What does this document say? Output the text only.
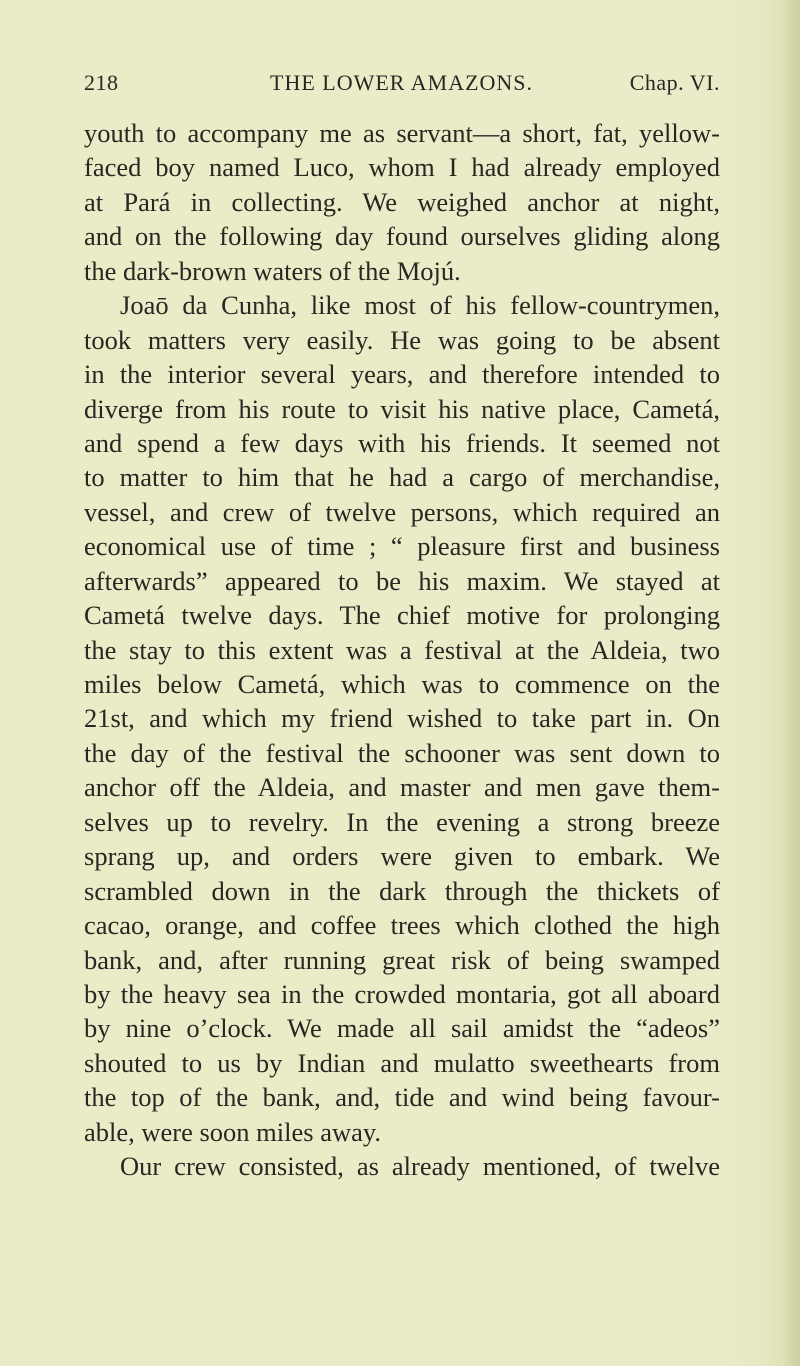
218	THE LOWER AMAZONS.	Chap. VI.
youth to accompany me as servant—a short, fat, yellow-
faced boy named Luco, whom I had already employed
at Pará in collecting. We weighed anchor at night,
and on the following day found ourselves gliding along
the dark-brown waters of the Mojú.
Joaō da Cunha, like most of his fellow-countrymen,
took matters very easily. He was going to be absent
in the interior several years, and therefore intended to
diverge from his route to visit his native place, Cametá,
and spend a few days with his friends. It seemed not
to matter to him that he had a cargo of merchandise,
vessel, and crew of twelve persons, which required an
economical use of time ; “ pleasure first and business
afterwards” appeared to be his maxim. We stayed at
Cametá twelve days. The chief motive for prolonging
the stay to this extent was a festival at the Aldeia, two
miles below Cametá, which was to commence on the
21st, and which my friend wished to take part in. On
the day of the festival the schooner was sent down to
anchor off the Aldeia, and master and men gave them-
selves up to revelry. In the evening a strong breeze
sprang up, and orders were given to embark. We
scrambled down in the dark through the thickets of
cacao, orange, and coffee trees which clothed the high
bank, and, after running great risk of being swamped
by the heavy sea in the crowded montaria, got all aboard
by nine o’clock. We made all sail amidst the “adeos”
shouted to us by Indian and mulatto sweethearts from
the top of the bank, and, tide and wind being favour-
able, were soon miles away.
Our crew consisted, as already mentioned, of twelve
